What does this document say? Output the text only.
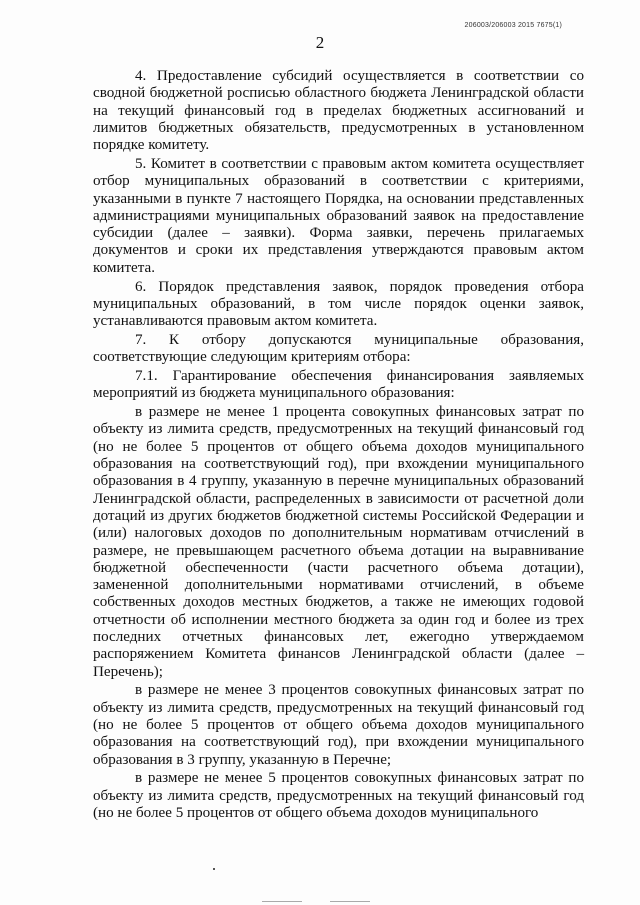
206003/206003 2015 7675(1)
2

4. Предоставление субсидий осуществляется в соответствии со сводной бюджетной росписью областного бюджета Ленинградской области на текущий финансовый год в пределах бюджетных ассигнований и лимитов бюджетных обязательств, предусмотренных в установленном порядке комитету.

5. Комитет в соответствии с правовым актом комитета осуществляет отбор муниципальных образований в соответствии с критериями, указанными в пункте 7 настоящего Порядка, на основании представленных администрациями муниципальных образований заявок на предоставление субсидии (далее – заявки). Форма заявки, перечень прилагаемых документов и сроки их представления утверждаются правовым актом комитета.

6. Порядок представления заявок, порядок проведения отбора муниципальных образований, в том числе порядок оценки заявок, устанавливаются правовым актом комитета.

7. К отбору допускаются муниципальные образования, соответствующие следующим критериям отбора:

7.1. Гарантирование обеспечения финансирования заявляемых мероприятий из бюджета муниципального образования:

в размере не менее 1 процента совокупных финансовых затрат по объекту из лимита средств, предусмотренных на текущий финансовый год (но не более 5 процентов от общего объема доходов муниципального образования на соответствующий год), при вхождении муниципального образования в 4 группу, указанную в перечне муниципальных образований Ленинградской области, распределенных в зависимости от расчетной доли дотаций из других бюджетов бюджетной системы Российской Федерации и (или) налоговых доходов по дополнительным нормативам отчислений в размере, не превышающем расчетного объема дотации на выравнивание бюджетной обеспеченности (части расчетного объема дотации), замененной дополнительными нормативами отчислений, в объеме собственных доходов местных бюджетов, а также не имеющих годовой отчетности об исполнении местного бюджета за один год и более из трех последних отчетных финансовых лет, ежегодно утверждаемом распоряжением Комитета финансов Ленинградской области (далее – Перечень);

в размере не менее 3 процентов совокупных финансовых затрат по объекту из лимита средств, предусмотренных на текущий финансовый год (но не более 5 процентов от общего объема доходов муниципального образования на соответствующий год), при вхождении муниципального образования в 3 группу, указанную в Перечне;

в размере не менее 5 процентов совокупных финансовых затрат по объекту из лимита средств, предусмотренных на текущий финансовый год (но не более 5 процентов от общего объема доходов муниципального
